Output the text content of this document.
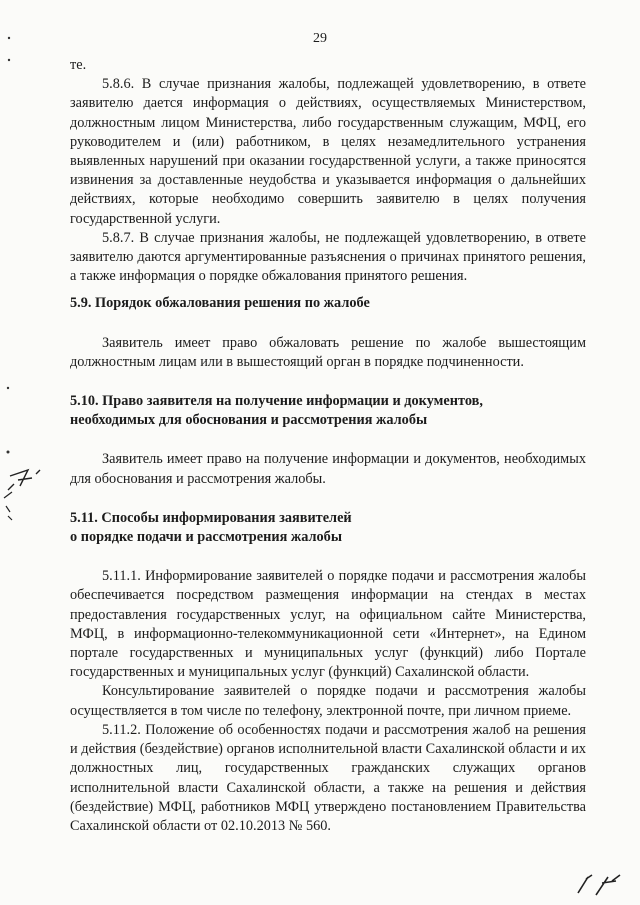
29

те.

5.8.6. В случае признания жалобы, подлежащей удовлетворению, в ответе заявителю дается информация о действиях, осуществляемых Министерством, должностным лицом Министерства, либо государственным служащим, МФЦ, его руководителем и (или) работником, в целях незамедлительного устранения выявленных нарушений при оказании государственной услуги, а также приносятся извинения за доставленные неудобства и указывается информация о дальнейших действиях, которые необходимо совершить заявителю в целях получения государственной услуги.

5.8.7. В случае признания жалобы, не подлежащей удовлетворению, в ответе заявителю даются аргументированные разъяснения о причинах принятого решения, а также информация о порядке обжалования принятого решения.

5.9. Порядок обжалования решения по жалобе

Заявитель имеет право обжаловать решение по жалобе вышестоящим должностным лицам или в вышестоящий орган в порядке подчиненности.

5.10. Право заявителя на получение информации и документов,

необходимых для обоснования и рассмотрения жалобы

Заявитель имеет право на получение информации и документов, необходимых для обоснования и рассмотрения жалобы.

5.11. Способы информирования заявителей

о порядке подачи и рассмотрения жалобы

5.11.1. Информирование заявителей о порядке подачи и рассмотрения жалобы обеспечивается посредством размещения информации на стендах в местах предоставления государственных услуг, на официальном сайте Министерства, МФЦ, в информационно-телекоммуникационной сети «Интернет», на Едином портале государственных и муниципальных услуг (функций) либо Портале государственных и муниципальных услуг (функций) Сахалинской области.

Консультирование заявителей о порядке подачи и рассмотрения жалобы осуществляется в том числе по телефону, электронной почте, при личном приеме.

5.11.2. Положение об особенностях подачи и рассмотрения жалоб на решения и действия (бездействие) органов исполнительной власти Сахалинской области и их должностных лиц, государственных гражданских служащих органов исполнительной власти Сахалинской области, а также на решения и действия (бездействие) МФЦ, работников МФЦ утверждено постановлением Правительства Сахалинской области от 02.10.2013 № 560.
